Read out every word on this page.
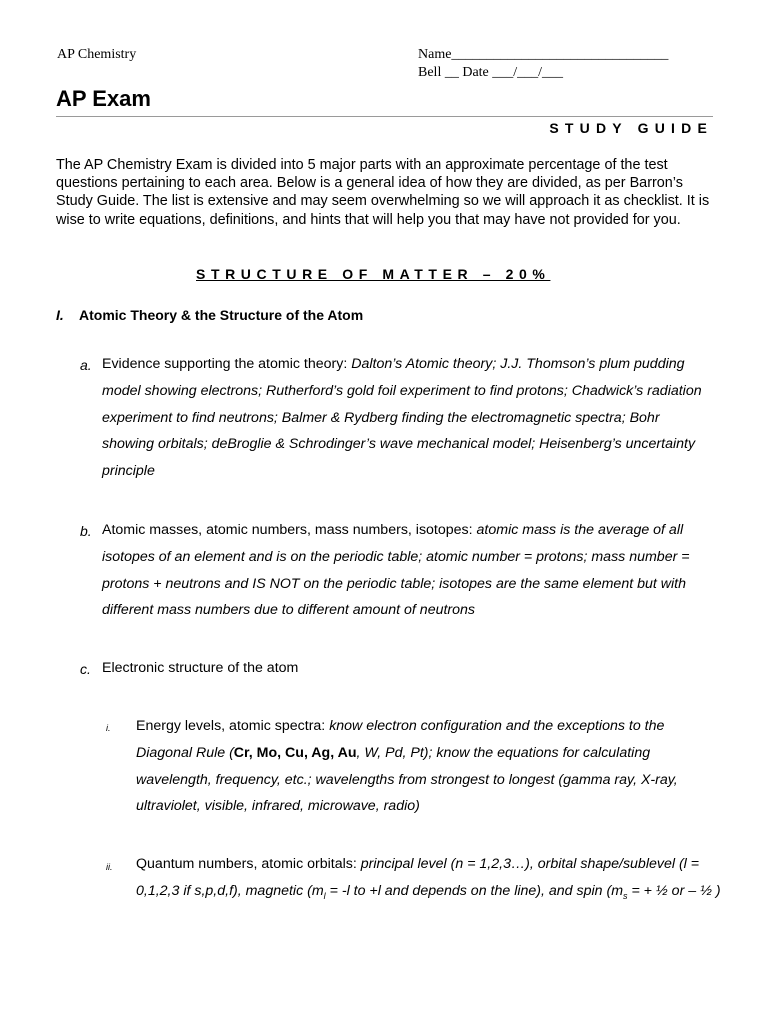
AP Chemistry	Name_______________________________
Bell __ Date ___/___/___
AP Exam
STUDY GUIDE
The AP Chemistry Exam is divided into 5 major parts with an approximate percentage of the test questions pertaining to each area. Below is a general idea of how they are divided, as per Barron’s Study Guide. The list is extensive and may seem overwhelming so we will approach it as checklist. It is wise to write equations, definitions, and hints that will help you that may have not provided for you.
STRUCTURE OF MATTER – 20%
I. Atomic Theory & the Structure of the Atom
a. Evidence supporting the atomic theory: Dalton’s Atomic theory; J.J. Thomson’s plum pudding model showing electrons; Rutherford’s gold foil experiment to find protons; Chadwick’s radiation experiment to find neutrons; Balmer & Rydberg finding the electromagnetic spectra; Bohr showing orbitals; deBroglie & Schrodinger’s wave mechanical model; Heisenberg’s uncertainty principle
b. Atomic masses, atomic numbers, mass numbers, isotopes: atomic mass is the average of all isotopes of an element and is on the periodic table; atomic number = protons; mass number = protons + neutrons and IS NOT on the periodic table; isotopes are the same element but with different mass numbers due to different amount of neutrons
c. Electronic structure of the atom
i. Energy levels, atomic spectra: know electron configuration and the exceptions to the Diagonal Rule (Cr, Mo, Cu, Ag, Au, W, Pd, Pt); know the equations for calculating wavelength, frequency, etc.; wavelengths from strongest to longest (gamma ray, X-ray, ultraviolet, visible, infrared, microwave, radio)
ii. Quantum numbers, atomic orbitals: principal level (n = 1,2,3…), orbital shape/sublevel (l = 0,1,2,3 if s,p,d,f), magnetic ($m_l = -l$ to +l and depends on the line), and spin ($m_s$ = + ½ or – ½ )
